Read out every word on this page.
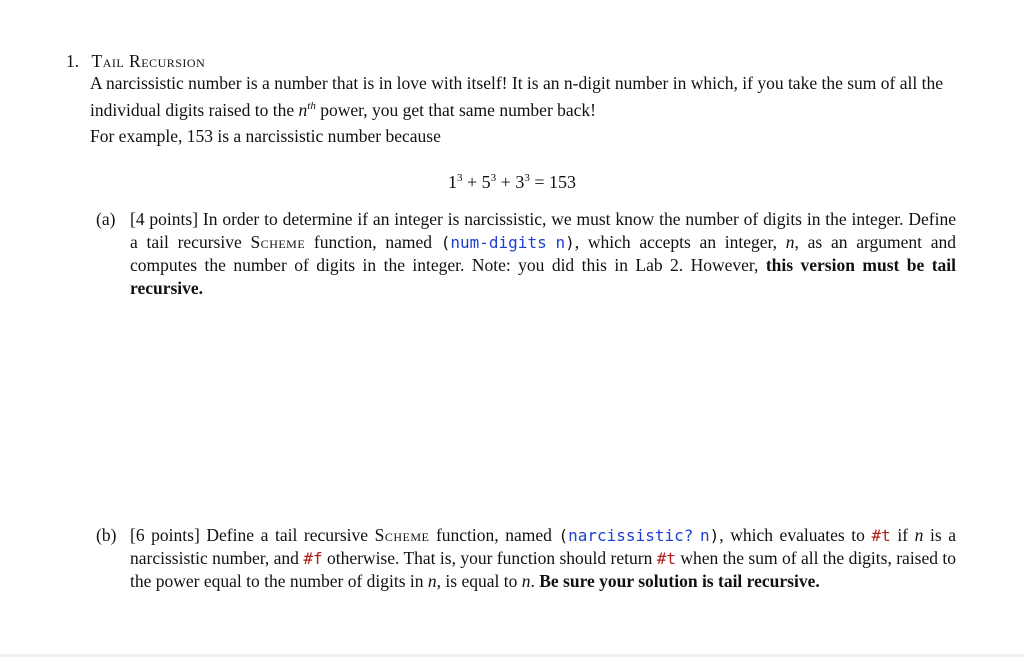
1. Tail Recursion

A narcissistic number is a number that is in love with itself! It is an n-digit number in which, if you take the sum of all the individual digits raised to the $n^{th}$ power, you get that same number back!

For example, 153 is a narcissistic number because
$1^3 + 5^3 + 3^3 = 153$
(a) [4 points] In order to determine if an integer is narcissistic, we must know the number of digits in the integer. Define a tail recursive Scheme function, named (num-digits n), which accepts an integer, n, as an argument and computes the number of digits in the integer. Note: you did this in Lab 2. However, this version must be tail recursive.
(b) [6 points] Define a tail recursive Scheme function, named (narcissistic? n), which evaluates to #t if n is a narcissistic number, and #f otherwise. That is, your function should return #t when the sum of all the digits, raised to the power equal to the number of digits in n, is equal to n. Be sure your solution is tail recursive.
